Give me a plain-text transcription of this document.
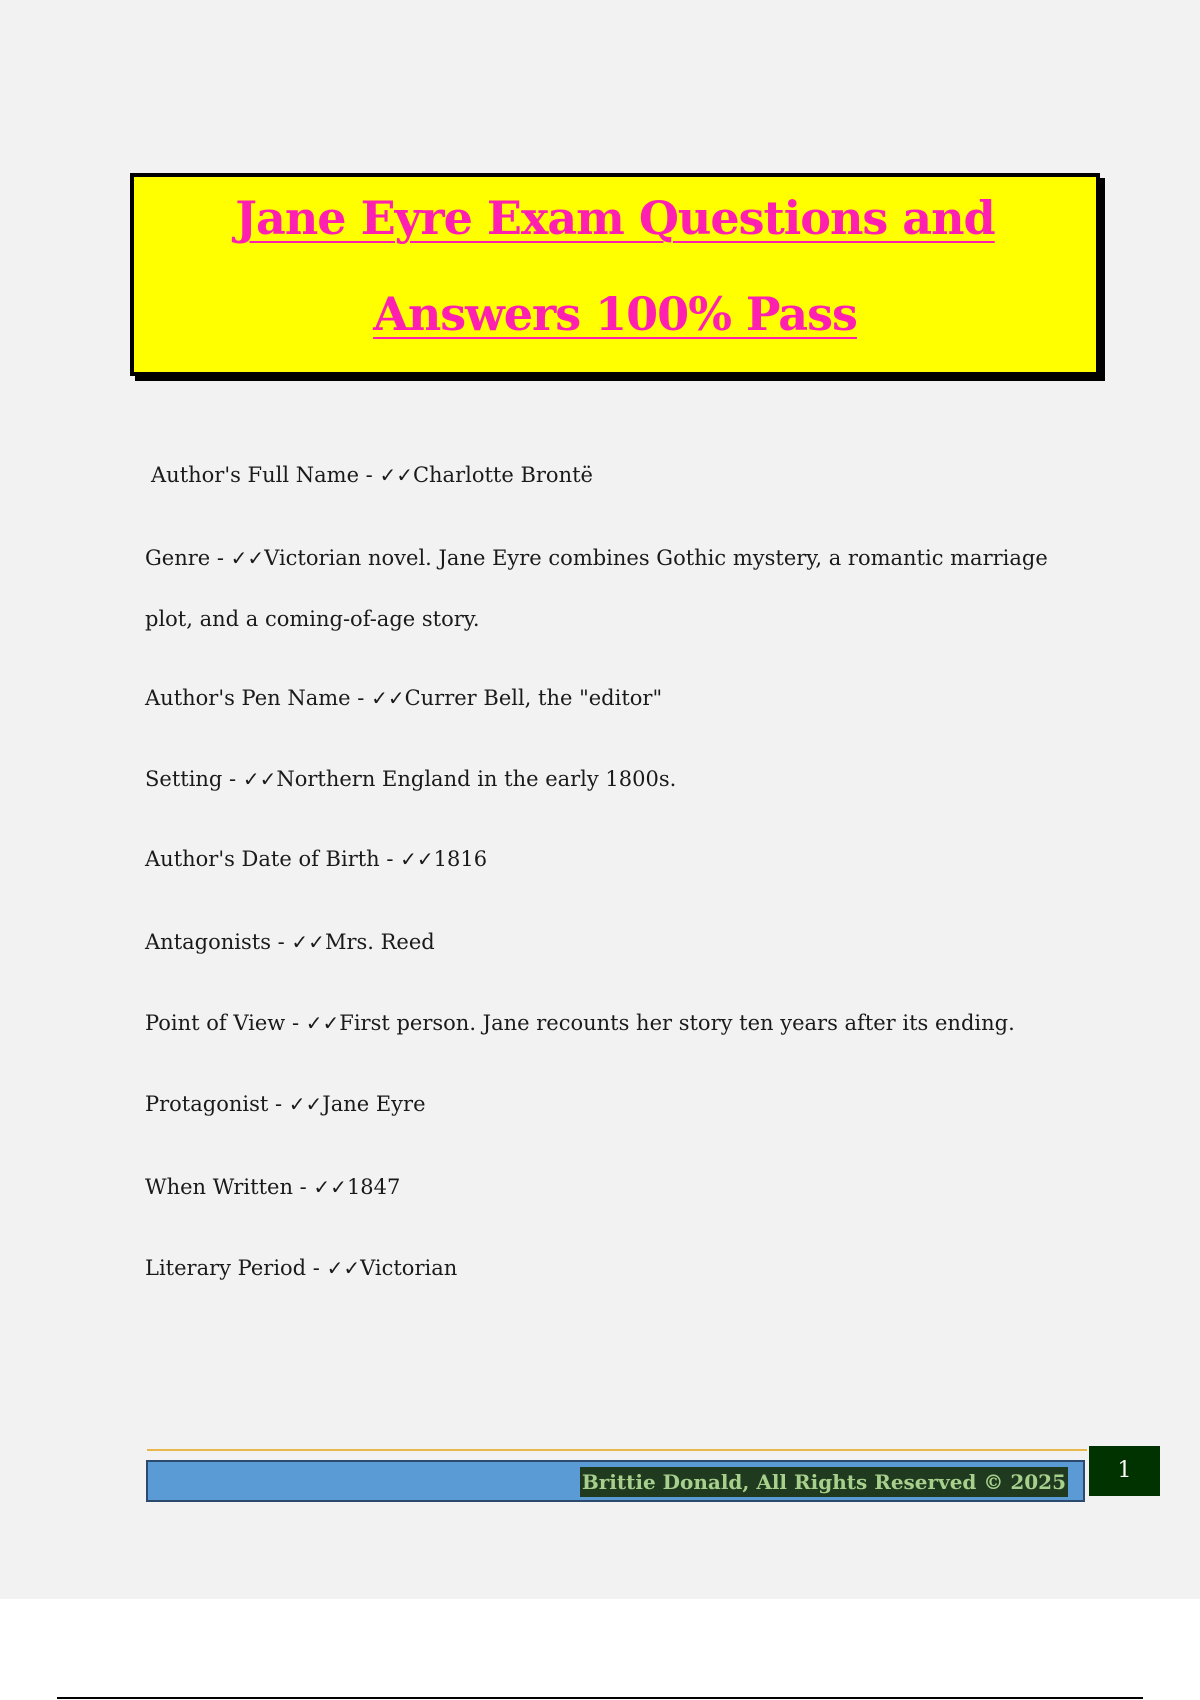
Jane Eyre Exam Questions and
Answers 100% Pass
Author's Full Name - ✓✓Charlotte Brontë
Genre - ✓✓Victorian novel. Jane Eyre combines Gothic mystery, a romantic marriage plot, and a coming-of-age story.
Author's Pen Name - ✓✓Currer Bell, the "editor"
Setting - ✓✓Northern England in the early 1800s.
Author's Date of Birth - ✓✓1816
Antagonists - ✓✓Mrs. Reed
Point of View - ✓✓First person. Jane recounts her story ten years after its ending.
Protagonist - ✓✓Jane Eyre
When Written - ✓✓1847
Literary Period - ✓✓Victorian
Brittie Donald, All Rights Reserved © 2025	1
